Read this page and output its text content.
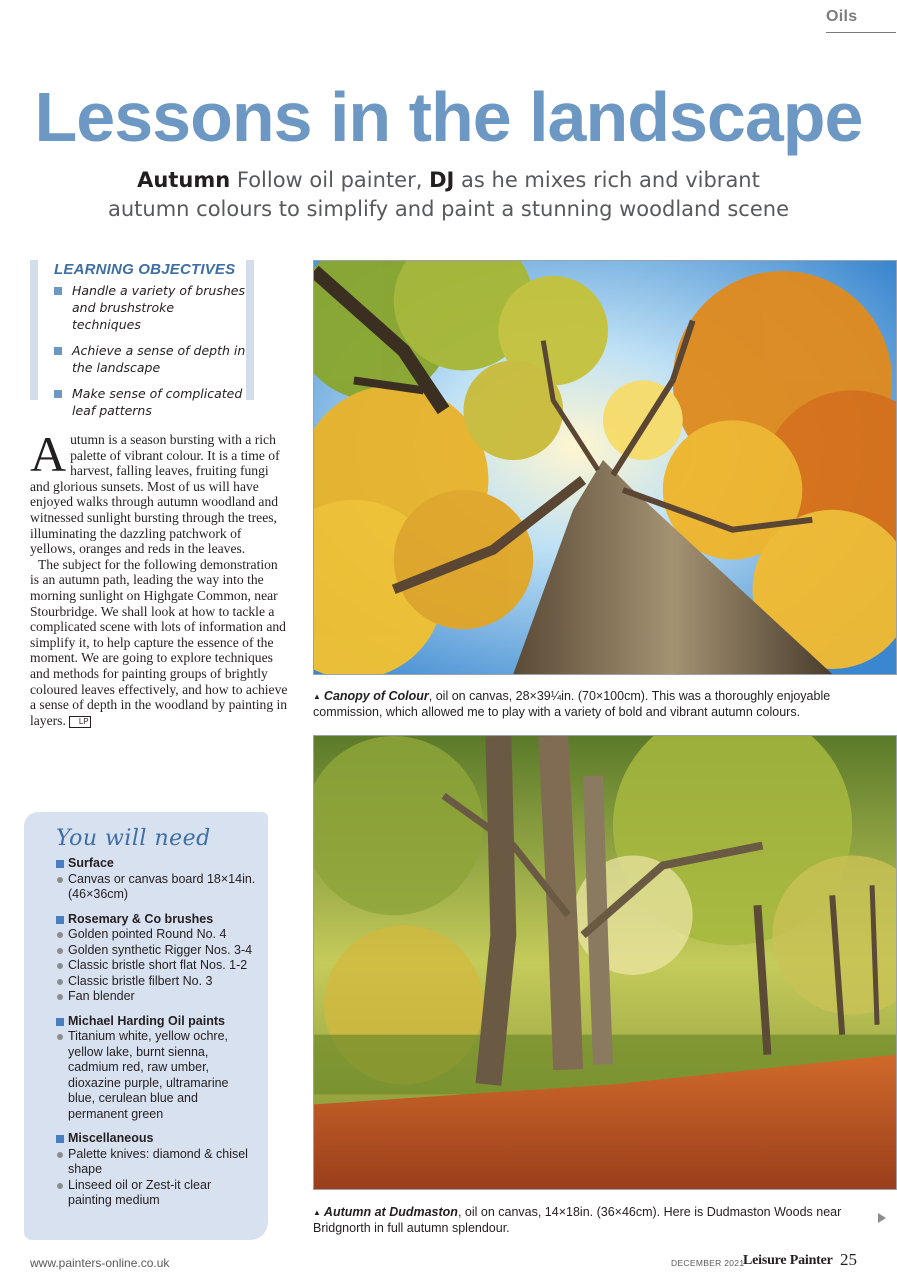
Oils
Lessons in the landscape
Autumn Follow oil painter, DJ as he mixes rich and vibrant
autumn colours to simplify and paint a stunning woodland scene
LEARNING OBJECTIVES
Handle a variety of brushes and brushstroke techniques
Achieve a sense of depth in the landscape
Make sense of complicated leaf patterns

Autumn is a season bursting with a rich palette of vibrant colour. It is a time of harvest, falling leaves, fruiting fungi and glorious sunsets. Most of us will have enjoyed walks through autumn woodland and witnessed sunlight bursting through the trees, illuminating the dazzling patchwork of yellows, oranges and reds in the leaves.

The subject for the following demonstration is an autumn path, leading the way into the morning sunlight on Highgate Common, near Stourbridge. We shall look at how to tackle a complicated scene with lots of information and simplify it, to help capture the essence of the moment. We are going to explore techniques and methods for painting groups of brightly coloured leaves effectively, and how to achieve a sense of depth in the woodland by painting in layers. LP

You will need
Surface
Canvas or canvas board 18×14in. (46×36cm)
Rosemary & Co brushes
Golden pointed Round No. 4
Golden synthetic Rigger Nos. 3-4
Classic bristle short flat Nos. 1-2
Classic bristle filbert No. 3
Fan blender
Michael Harding Oil paints
Titanium white, yellow ochre, yellow lake, burnt sienna, cadmium red, raw umber, dioxazine purple, ultramarine blue, cerulean blue and permanent green
Miscellaneous
Palette knives: diamond & chisel shape
Linseed oil or Zest-it clear painting medium
▲ Canopy of Colour, oil on canvas, 28×39¼in. (70×100cm). This was a thoroughly enjoyable commission, which allowed me to play with a variety of bold and vibrant autumn colours.
▲ Autumn at Dudmaston, oil on canvas, 14×18in. (36×46cm). Here is Dudmaston Woods near Bridgnorth in full autumn splendour.
www.painters-online.co.uk	DECEMBER 2021
Leisure Painter 25
